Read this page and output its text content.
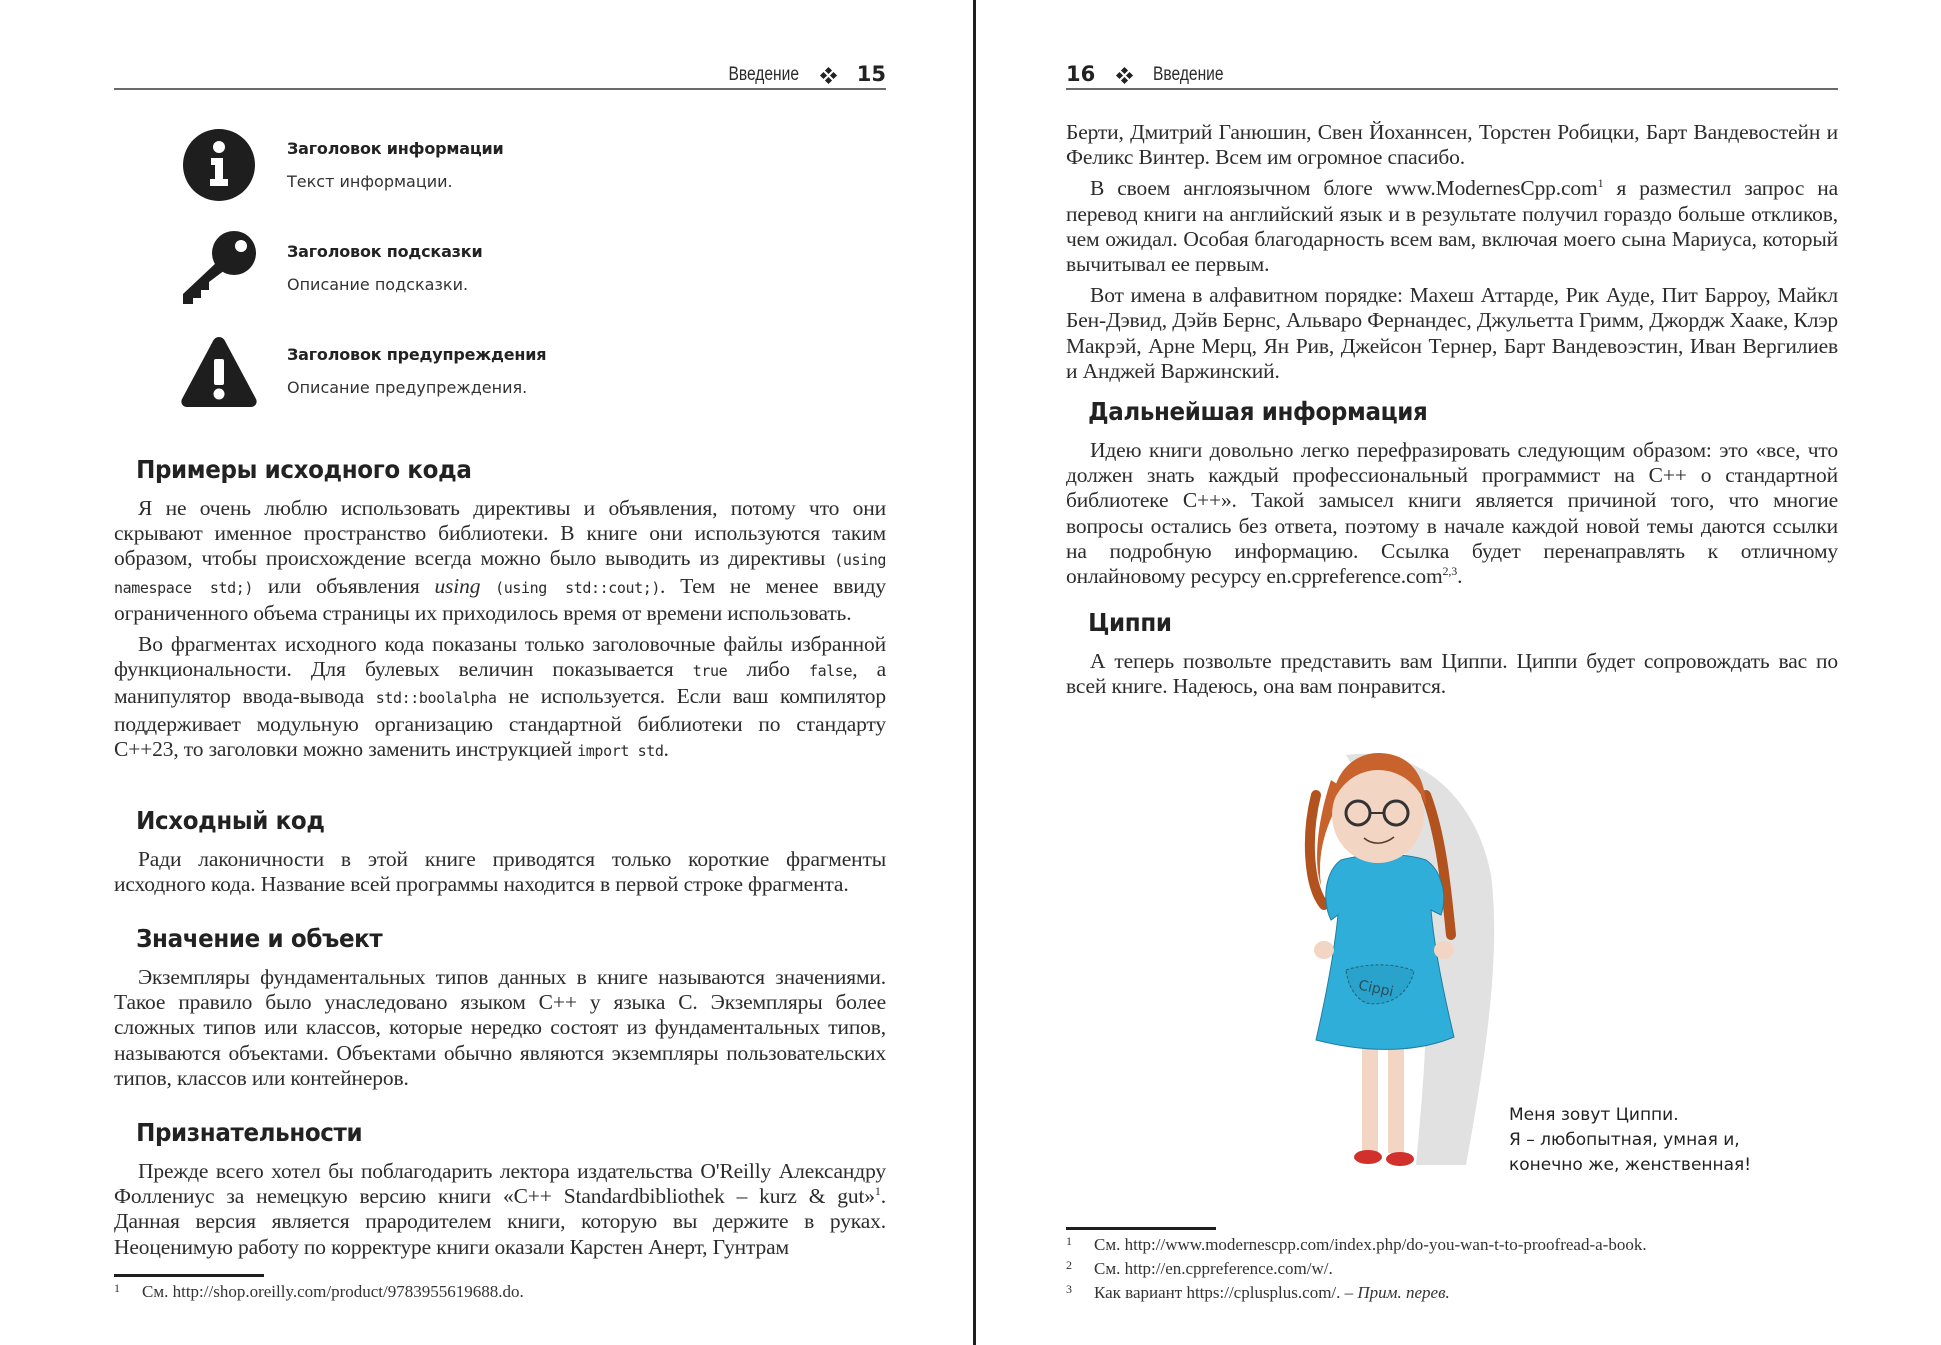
Введение	15
Заголовок информации
Текст информации.
Заголовок подсказки
Описание подсказки.
Заголовок предупреждения
Описание предупреждения.
Примеры исходного кода

Я не очень люблю использовать директивы и объявления, потому что они скрывают именное пространство библиотеки. В книге они используются таким образом, чтобы происхождение всегда можно было выводить из директивы (using namespace std;) или объявления using (using std::cout;). Тем не менее ввиду ограниченного объема страницы их приходилось время от времени использовать.

Во фрагментах исходного кода показаны только заголовочные файлы избранной функциональности. Для булевых величин показывается true либо false, а манипулятор ввода-вывода std::boolalpha не используется. Если ваш компилятор поддерживает модульную организацию стандартной библиотеки по стандарту C++23, то заголовки можно заменить инструкцией import std.

Исходный код

Ради лаконичности в этой книге приводятся только короткие фрагменты исходного кода. Название всей программы находится в первой строке фрагмента.

Значение и объект

Экземпляры фундаментальных типов данных в книге называются значениями. Такое правило было унаследовано языком C++ у языка C. Экземпляры более сложных типов или классов, которые нередко состоят из фундаментальных типов, называются объектами. Объектами обычно являются экземпляры пользовательских типов, классов или контейнеров.

Признательности

Прежде всего хотел бы поблагодарить лектора издательства O'Reilly Александру Фоллениус за немецкую версию книги «C++ Standardbibliothek – kurz & gut»$^1$. Данная версия является прародителем книги, которую вы держите в руках. Неоценимую работу по корректуре книги оказали Карстен Анерт, Гунтрам

1	См. http://shop.oreilly.com/product/9783955619688.do.
16	Введение

Берти, Дмитрий Ганюшин, Свен Йоханнсен, Торстен Робицки, Барт Вандевостейн и Феликс Винтер. Всем им огромное спасибо.

В своем англоязычном блоге www.ModernesCpp.com$^1$ я разместил запрос на перевод книги на английский язык и в результате получил гораздо больше откликов, чем ожидал. Особая благодарность всем вам, включая моего сына Мариуса, который вычитывал ее первым.

Вот имена в алфавитном порядке: Махеш Аттарде, Рик Ауде, Пит Барроу, Майкл Бен-Дэвид, Дэйв Бернс, Альваро Фернандес, Джульетта Гримм, Джордж Хааке, Клэр Макрэй, Арне Мерц, Ян Рив, Джейсон Тернер, Барт Вандевоэстин, Иван Вергилиев и Анджей Варжинский.

Дальнейшая информация

Идею книги довольно легко перефразировать следующим образом: это «все, что должен знать каждый профессиональный программист на C++ о стандартной библиотеке C++». Такой замысел книги является причиной того, что многие вопросы остались без ответа, поэтому в начале каждой новой темы даются ссылки на подробную информацию. Ссылка будет перенаправлять к отличному онлайновому ресурсу en.cppreference.com$^{2,3}$.

Циппи

А теперь позвольте представить вам Циппи. Циппи будет сопровождать вас по всей книге. Надеюсь, она вам понравится.

Cippi
Меня зовут Циппи.
Я – любопытная, умная и,
конечно же, женственная!
1	См. http://www.modernescpp.com/index.php/do-you-wan-t-to-proofread-a-book.
2	См. http://en.cppreference.com/w/.
3	Как вариант https://cplusplus.com/. – Прим. перев.
